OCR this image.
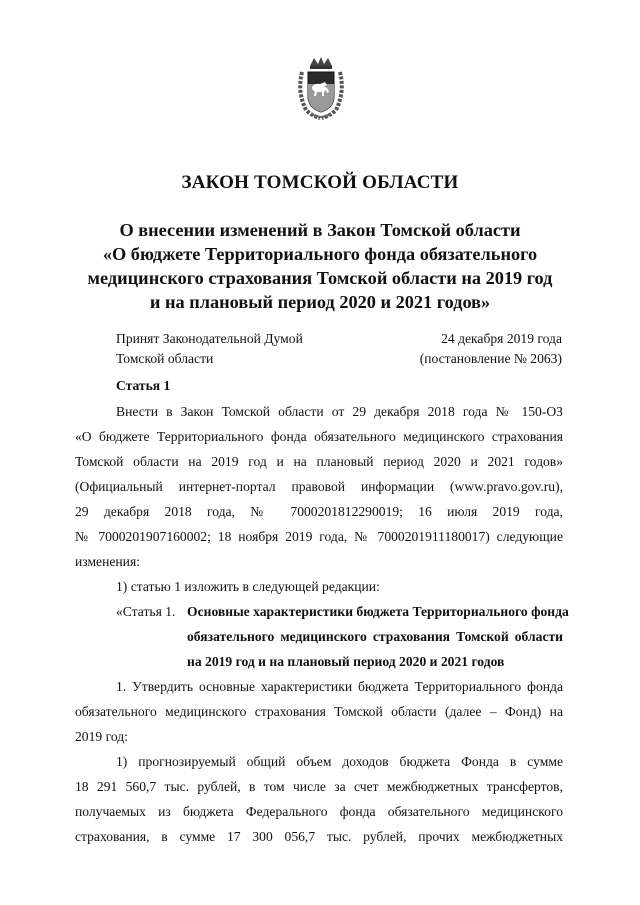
ЗАКОН ТОМСКОЙ ОБЛАСТИ
О внесении изменений в Закон Томской области
«О бюджете Территориального фонда обязательного
медицинского страхования Томской области на 2019 год
и на плановый период 2020 и 2021 годов»
Принят Законодательной Думой
Томской области
24 декабря 2019 года
(постановление № 2063)
Статья 1
Внести в Закон Томской области от 29 декабря 2018 года № 150-ОЗ
«О бюджете Территориального фонда обязательного медицинского страхования
Томской области на 2019 год и на плановый период 2020 и 2021 годов»
(Официальный интернет-портал правовой информации (www.pravo.gov.ru),
29 декабря 2018 года, № 7000201812290019; 16 июля 2019 года,
№ 7000201907160002; 18 ноября 2019 года, № 7000201911180017) следующие
изменения:
1) статью 1 изложить в следующей редакции:
«Статья 1. Основные характеристики бюджета Территориального фонда
обязательного медицинского страхования Томской области
на 2019 год и на плановый период 2020 и 2021 годов
1. Утвердить основные характеристики бюджета Территориального фонда
обязательного медицинского страхования Томской области (далее – Фонд) на
2019 год:
1) прогнозируемый общий объем доходов бюджета Фонда в сумме
18 291 560,7 тыс. рублей, в том числе за счет межбюджетных трансфертов,
получаемых из бюджета Федерального фонда обязательного медицинского
страхования, в сумме 17 300 056,7 тыс. рублей, прочих межбюджетных
